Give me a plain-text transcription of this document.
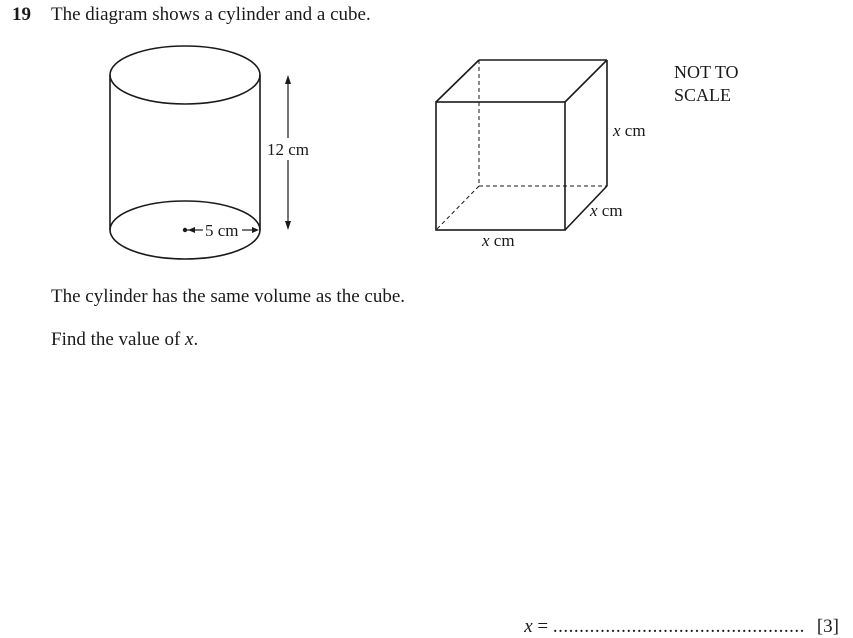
19 The diagram shows a cylinder and a cube.
5 cm
12 cm
x cm
x cm
x cm
NOT TO
SCALE
The cylinder has the same volume as the cube.
Find the value of x.
x = ................................................ [3]
